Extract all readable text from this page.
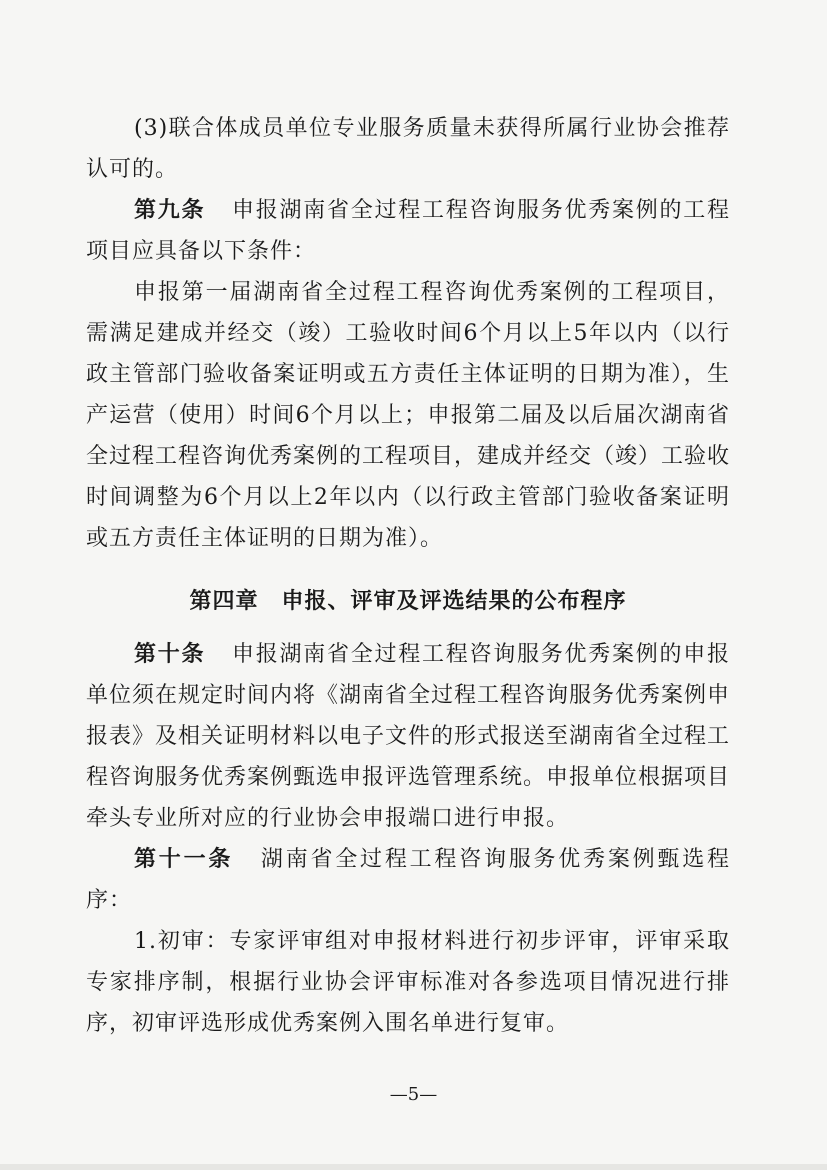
(3)联合体成员单位专业服务质量未获得所属行业协会推荐认可的。

第九条 申报湖南省全过程工程咨询服务优秀案例的工程项目应具备以下条件：

申报第一届湖南省全过程工程咨询优秀案例的工程项目，需满足建成并经交（竣）工验收时间6个月以上5年以内（以行政主管部门验收备案证明或五方责任主体证明的日期为准），生产运营（使用）时间6个月以上；申报第二届及以后届次湖南省全过程工程咨询优秀案例的工程项目，建成并经交（竣）工验收时间调整为6个月以上2年以内（以行政主管部门验收备案证明或五方责任主体证明的日期为准）。

第四章　申报、评审及评选结果的公布程序

第十条 申报湖南省全过程工程咨询服务优秀案例的申报单位须在规定时间内将《湖南省全过程工程咨询服务优秀案例申报表》及相关证明材料以电子文件的形式报送至湖南省全过程工程咨询服务优秀案例甄选申报评选管理系统。申报单位根据项目牵头专业所对应的行业协会申报端口进行申报。

第十一条 湖南省全过程工程咨询服务优秀案例甄选程序：

1.初审：专家评审组对申报材料进行初步评审，评审采取专家排序制，根据行业协会评审标准对各参选项目情况进行排序，初审评选形成优秀案例入围名单进行复审。

—5—
